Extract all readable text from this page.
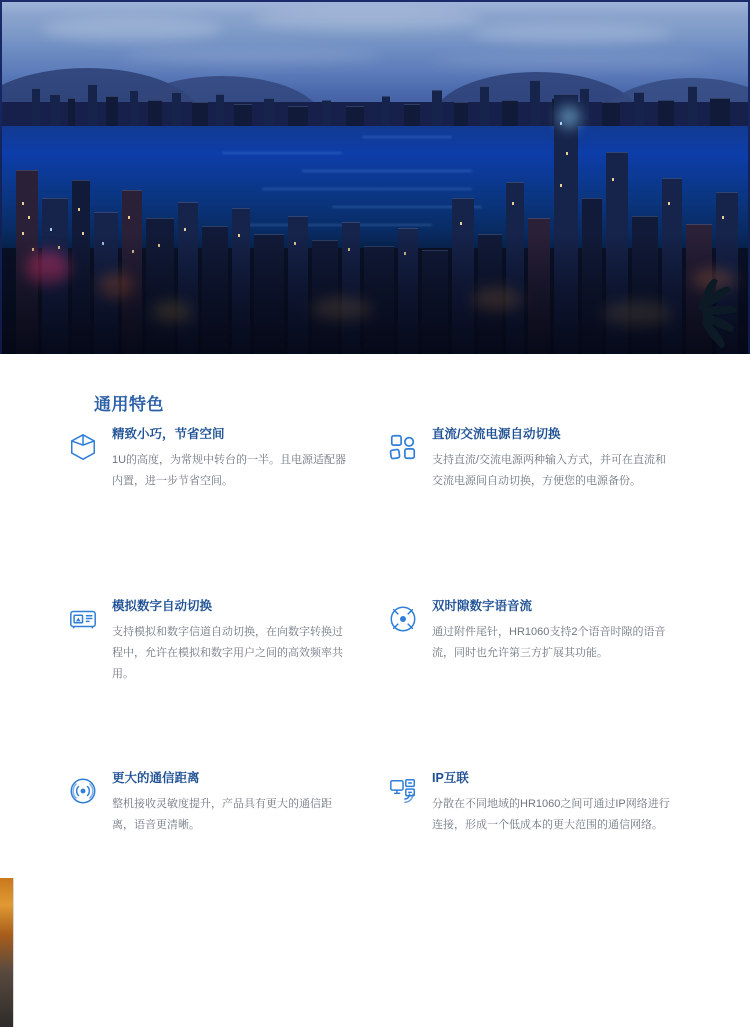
通用特色
精致小巧，节省空间
1U的高度，为常规中转台的一半。且电源适配器内置，进一步节省空间。
直流/交流电源自动切换
支持直流/交流电源两种输入方式，并可在直流和交流电源间自动切换，方便您的电源备份。
模拟数字自动切换
支持模拟和数字信道自动切换，在向数字转换过程中，允许在模拟和数字用户之间的高效频率共用。
双时隙数字语音流
通过附件尾针，HR1060支持2个语音时隙的语音流，同时也允许第三方扩展其功能。
更大的通信距离
整机接收灵敏度提升，产品具有更大的通信距离，语音更清晰。
IP互联
分散在不同地域的HR1060之间可通过IP网络进行连接，形成一个低成本的更大范围的通信网络。
